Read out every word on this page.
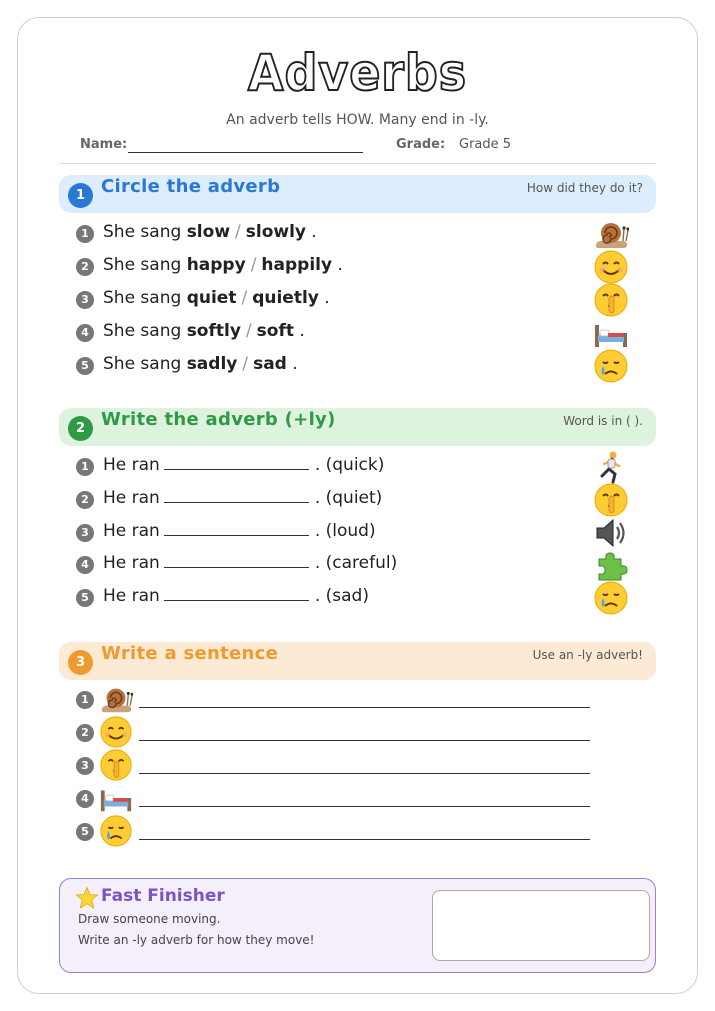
Adverbs
An adverb tells HOW. Many end in -ly.
Name:	Grade: Grade 5
1 Circle the adverb	How did they do it?
1 She sang slow / slowly .
2 She sang happy / happily .
3 She sang quiet / quietly .
4 She sang softly / soft .
5 She sang sadly / sad .
2 Write the adverb (+ly)	Word is in ( ).
1 He ran	. (quick)
2 He ran	. (quiet)
3 He ran	. (loud)
4 He ran	. (careful)
5 He ran	. (sad)
3 Write a sentence	Use an -ly adverb!
1
2
3
4
5
Fast Finisher
Draw someone moving.
Write an -ly adverb for how they move!
